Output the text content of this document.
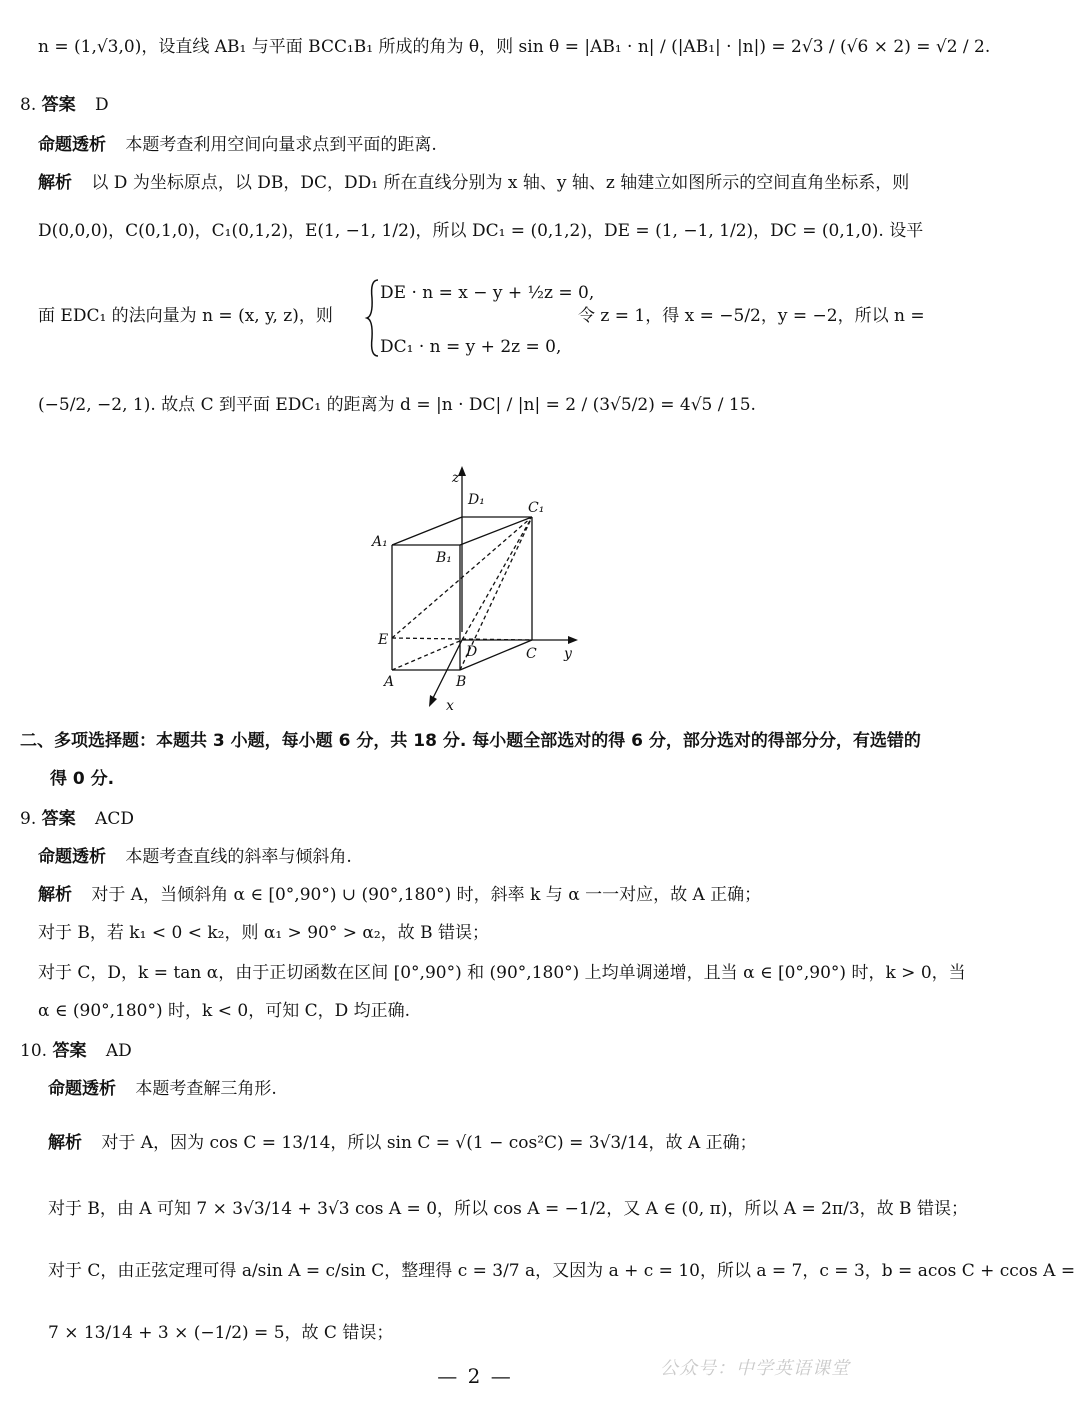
n = (1,√3,0)，设直线 AB₁ 与平面 BCC₁B₁ 所成的角为 θ，则 sin θ = |AB₁ · n| / (|AB₁| · |n|) = 2√3 / (√6 × 2) = √2 / 2.
8. 答案 D
命题透析 本题考查利用空间向量求点到平面的距离.
解析 以 D 为坐标原点，以 DB，DC，DD₁ 所在直线分别为 x 轴、y 轴、z 轴建立如图所示的空间直角坐标系，则
D(0,0,0)，C(0,1,0)，C₁(0,1,2)，E(1, −1, 1/2)，所以 DC₁ = (0,1,2)，DE = (1, −1, 1/2)，DC = (0,1,0). 设平
面 EDC₁ 的法向量为 n = (x, y, z)，则
DE · n = x − y + ½z = 0,
DC₁ · n = y + 2z = 0,
令 z = 1，得 x = −5/2，y = −2，所以 n =
(−5/2, −2, 1). 故点 C 到平面 EDC₁ 的距离为 d = |n · DC| / |n| = 2 / (3√5/2) = 4√5 / 15.
z
D₁	C₁
A₁
B₁
E
D	C y
A	B
x
二、多项选择题：本题共 3 小题，每小题 6 分，共 18 分. 每小题全部选对的得 6 分，部分选对的得部分分，有选错的
得 0 分.
9. 答案 ACD
命题透析 本题考查直线的斜率与倾斜角.
解析 对于 A，当倾斜角 α ∈ [0°,90°) ∪ (90°,180°) 时，斜率 k 与 α 一一对应，故 A 正确；
对于 B，若 k₁ < 0 < k₂，则 α₁ > 90° > α₂，故 B 错误；
对于 C，D，k = tan α，由于正切函数在区间 [0°,90°) 和 (90°,180°) 上均单调递增，且当 α ∈ [0°,90°) 时，k > 0，当
α ∈ (90°,180°) 时，k < 0，可知 C，D 均正确.
10. 答案 AD
命题透析 本题考查解三角形.
解析 对于 A，因为 cos C = 13/14，所以 sin C = √(1 − cos²C) = 3√3/14，故 A 正确；
对于 B，由 A 可知 7 × 3√3/14 + 3√3 cos A = 0，所以 cos A = −1/2，又 A ∈ (0, π)，所以 A = 2π/3，故 B 错误；
对于 C，由正弦定理可得 a/sin A = c/sin C，整理得 c = 3/7 a，又因为 a + c = 10，所以 a = 7，c = 3，b = acos C + ccos A =
7 × 13/14 + 3 × (−1/2) = 5，故 C 错误；
— 2 —	公众号：中学英语课堂
